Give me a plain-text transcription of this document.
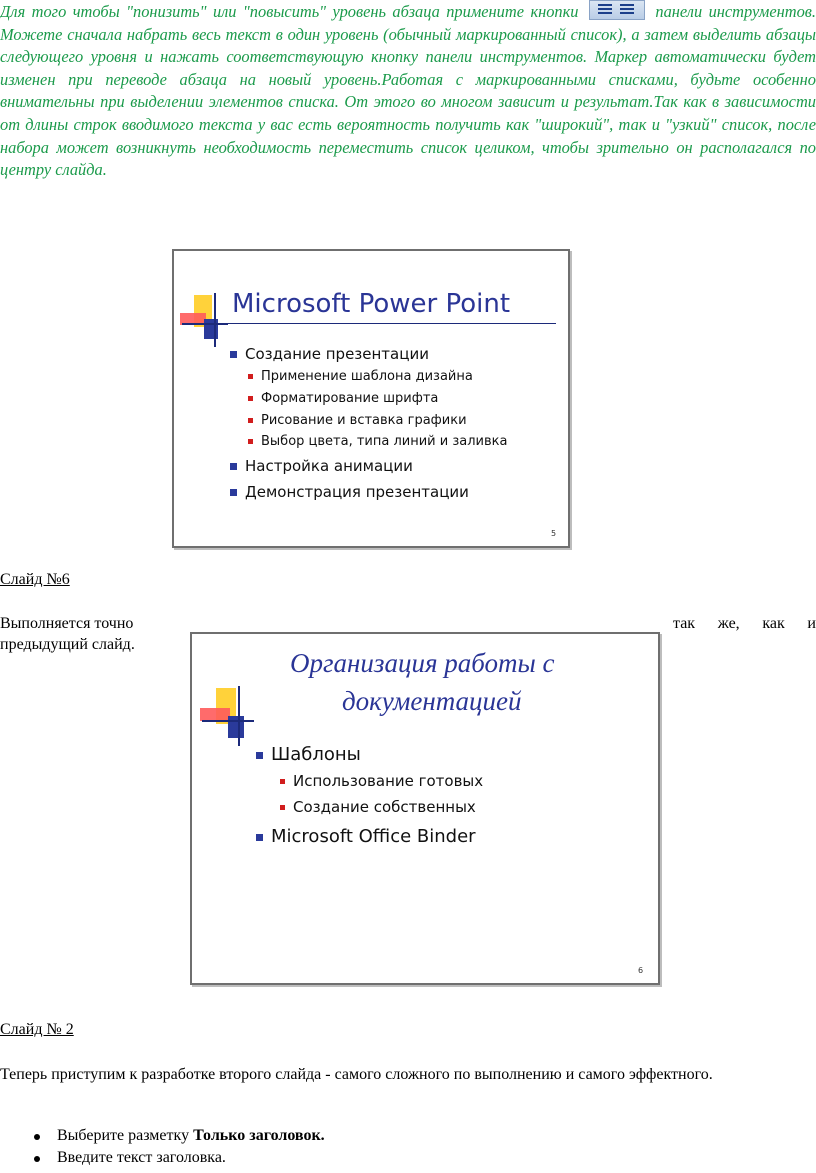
Для того чтобы "понизить" или "повысить" уровень абзаца примените кнопки	панели инструментов. Можете сначала набрать весь текст в один уровень (обычный маркированный список), а затем выделить абзацы следующего уровня и нажать соответствующую кнопку панели инструментов. Маркер автоматически будет изменен при переводе абзаца на новый уровень.Работая с маркированными списками, будьте особенно внимательны при выделении элементов списка. От этого во многом зависит и результат.Так как в зависимости от длины строк вводимого текста у вас есть вероятность получить как "широкий", так и "узкий" список, после набора может возникнуть необходимость переместить список целиком, чтобы зрительно он располагался по центру слайда.

Microsoft Power Point
Создание презентации
Применение шаблона дизайна
Форматирование шрифта
Рисование и вставка графики
Выбор цвета, типа линий и заливка
Настройка анимации
Демонстрация презентации
5

Слайд №6

Выполняется точно	так же, как и

предыдущий слайд.

Организация работы с
документацией
Шаблоны
Использование готовых
Создание собственных
Microsoft Office Binder
6

Слайд № 2

Теперь приступим к разработке второго слайда - самого сложного по выполнению и самого эффектного.

Выберите разметку Только заголовок.
Введите текст заголовка.
